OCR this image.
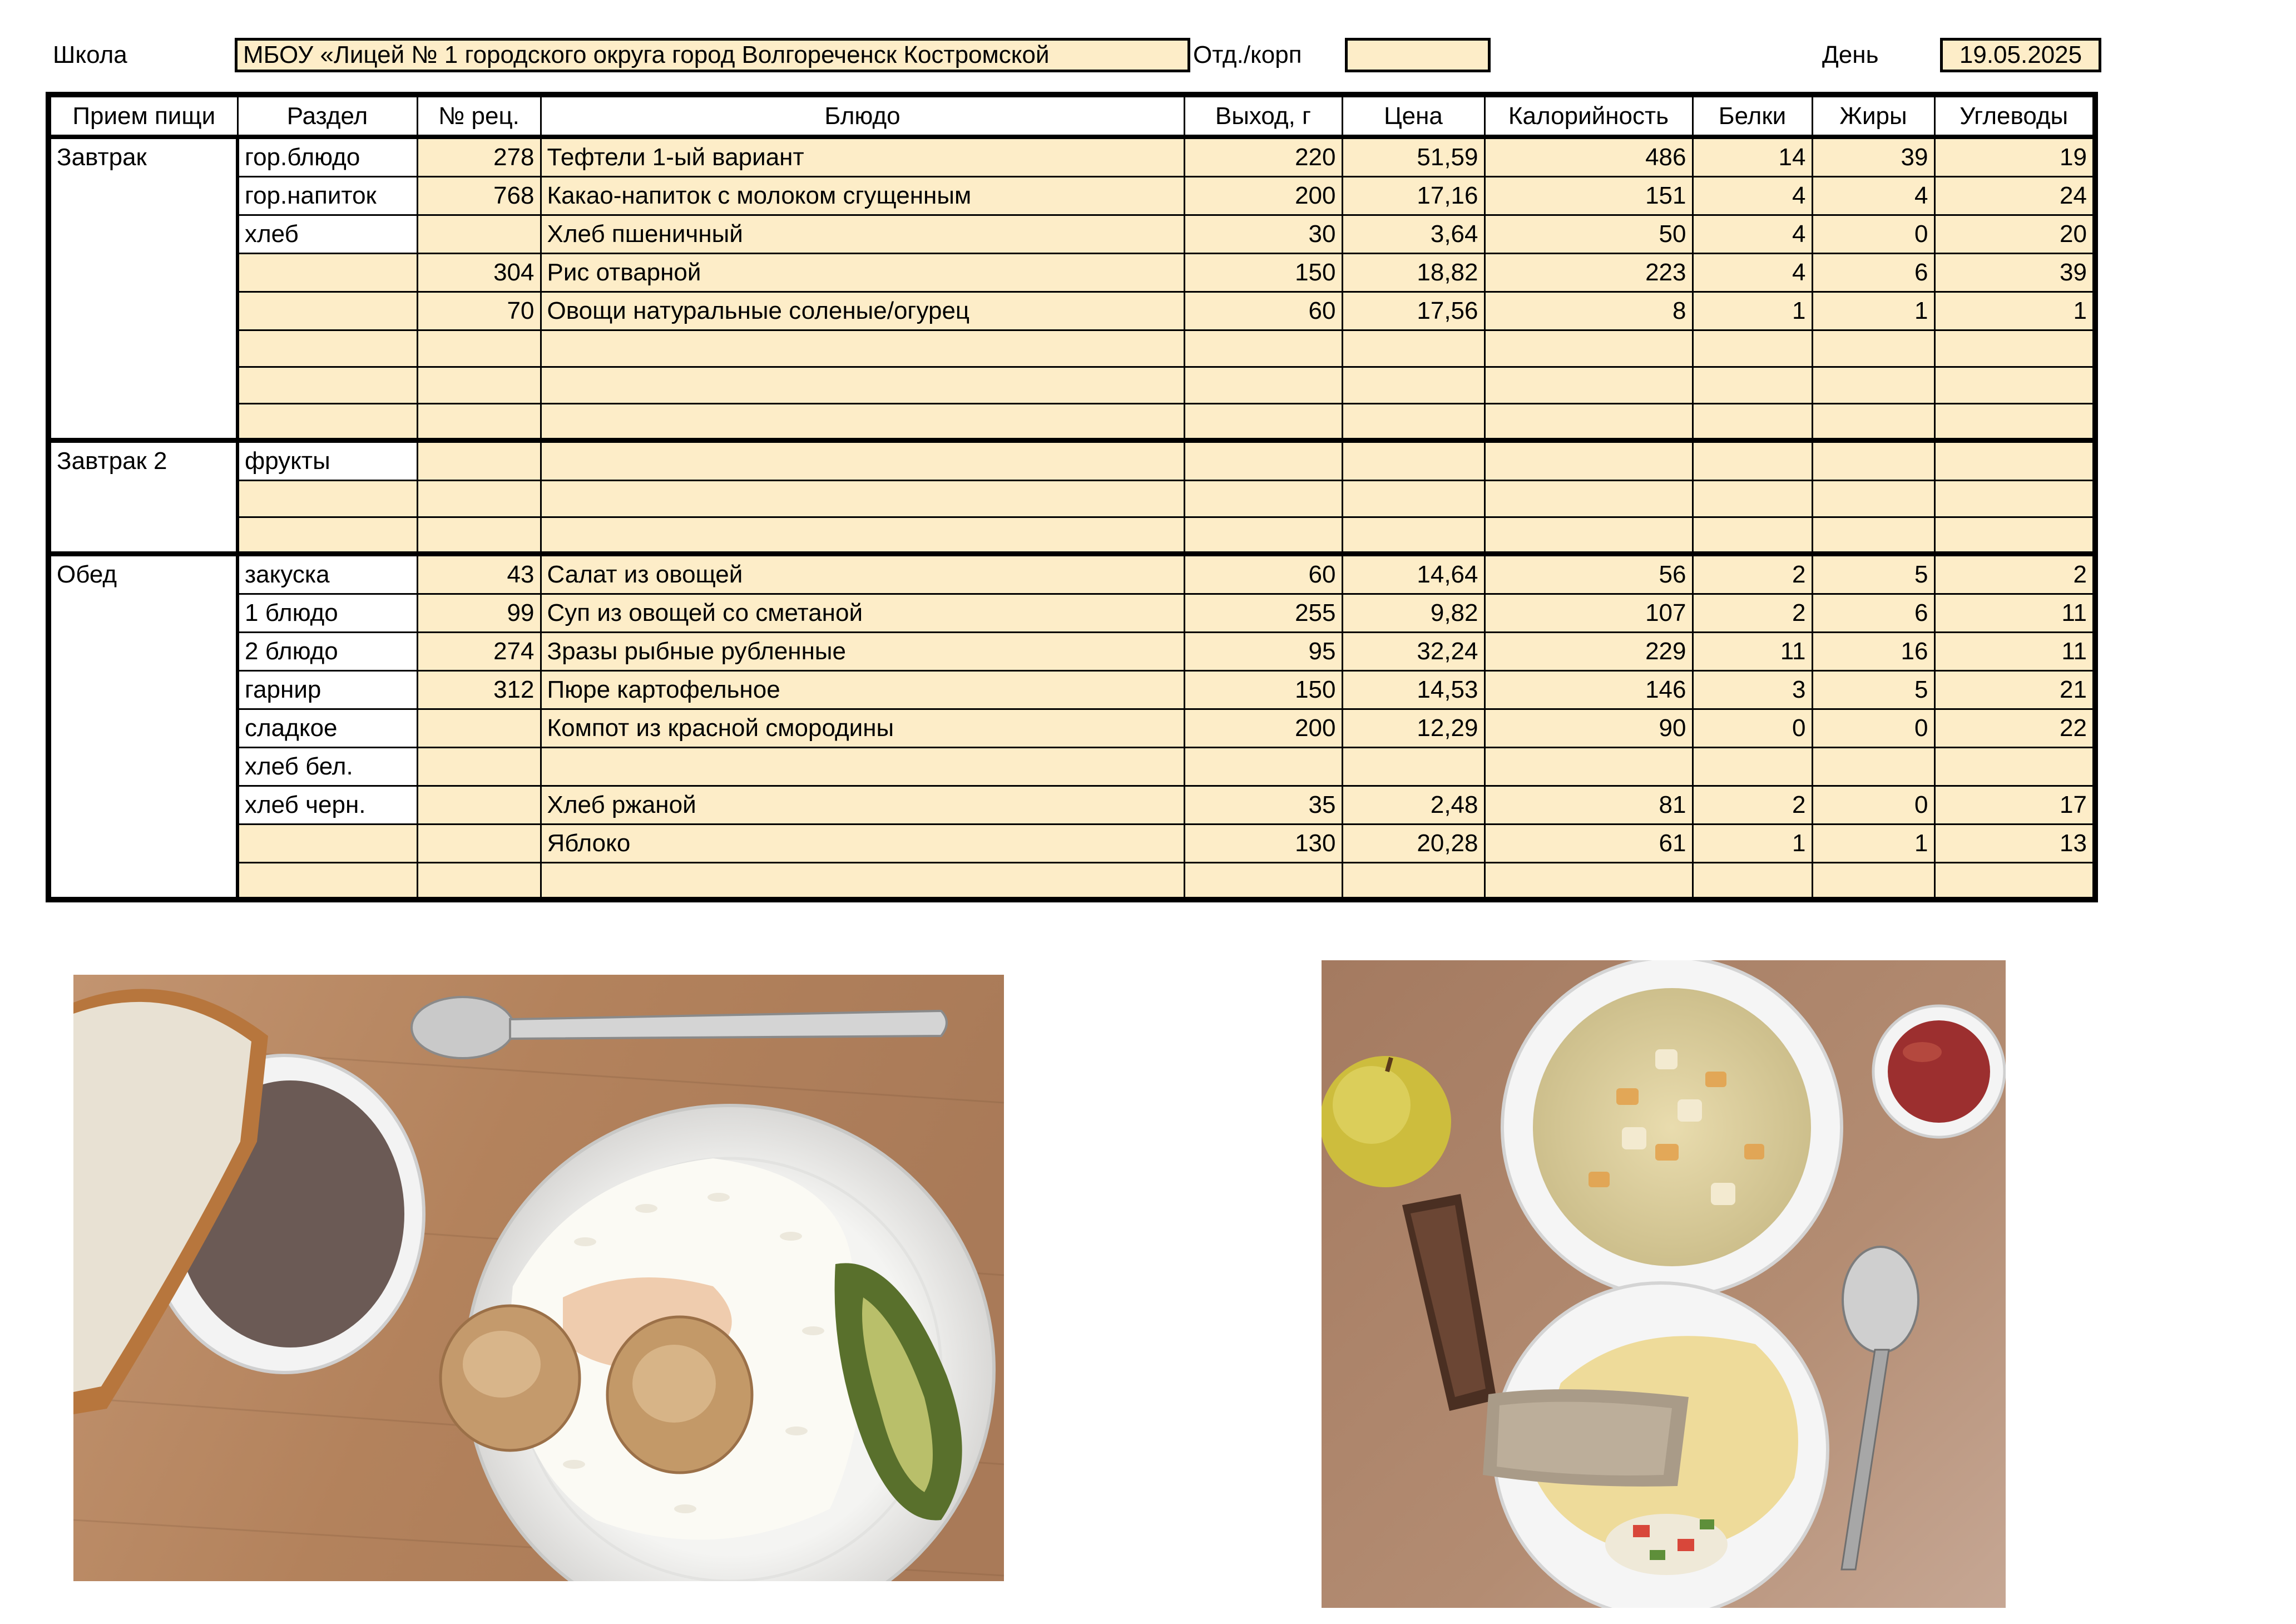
Школа	МБОУ «Лицей № 1 городского округа город Волгореченск Костромской	Отд./корп	День	19.05.2025
Прием пищи	Раздел	№ рец.	Блюдо	Выход, г	Цена	Калорийность	Белки	Жиры	Углеводы
Завтрак	гор.блюдо	278	Тефтели 1-ый вариант	220	51,59	486	14	39	19
	гор.напиток	768	Какао-напиток с молоком сгущенным	200	17,16	151	4	4	24
	хлеб		Хлеб пшеничный	30	3,64	50	4	0	20
		304	Рис отварной	150	18,82	223	4	6	39
		70	Овощи натуральные соленые/огурец	60	17,56	8	1	1	1

Завтрак 2	фрукты								

Обед	закуска	43	Салат из овощей	60	14,64	56	2	5	2
	1 блюдо	99	Суп из овощей со сметаной	255	9,82	107	2	6	11
	2 блюдо	274	Зразы рыбные рубленные	95	32,24	229	11	16	11
	гарнир	312	Пюре картофельное	150	14,53	146	3	5	21
	сладкое		Компот из красной смородины	200	12,29	90	0	0	22
	хлеб бел.								
	хлеб черн.		Хлеб ржаной	35	2,48	81	2	0	17
			Яблоко	130	20,28	61	1	1	13
